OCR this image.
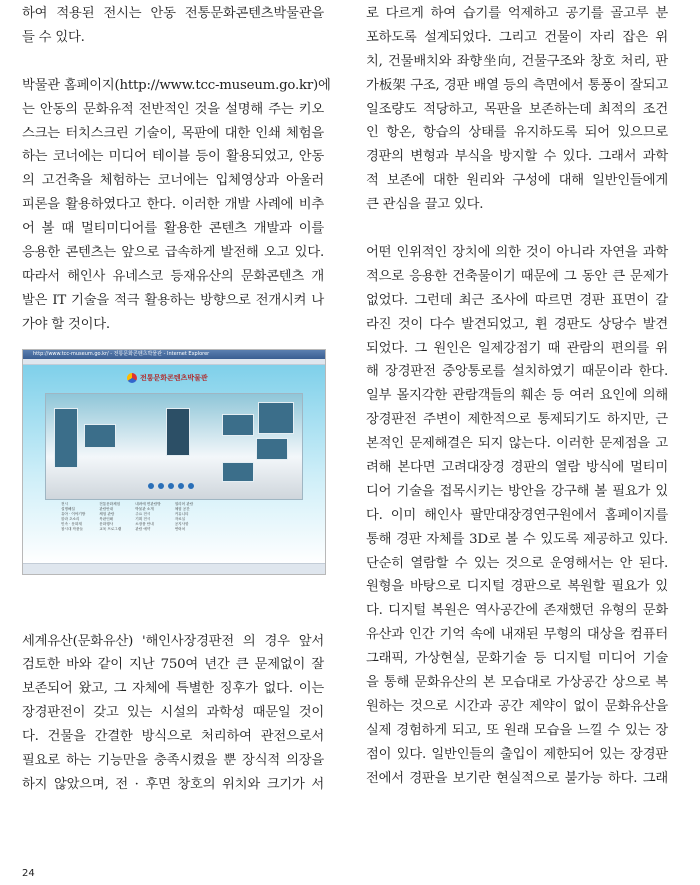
하여 적용된 전시는 안동 전통문화콘텐츠박물관을
들 수 있다.
박물관 홈페이지(http://www.tcc-museum.go.kr)에
는 안동의 문화유적 전반적인 것을 설명해 주는 키오
스크는 터치스크린 기술이, 목판에 대한 인쇄 체험을
하는 코너에는 미디어 테이블 등이 활용되었고, 안동
의 고건축을 체험하는 코너에는 입체영상과 아울러
피론을 활용하였다고 한다. 이러한 개발 사례에 비추
어 볼 때 멀티미디어를 활용한 콘텐츠 개발과 이를
응용한 콘텐츠는 앞으로 급속하게 발전해 오고 있다.
따라서 해인사 유네스코 등재유산의 문화콘텐츠 개
발은 IT 기술을 적극 활용하는 방향으로 전개시켜 나
가야 할 것이다.
http://www.tcc-museum.go.kr/ - 전통문화콘텐츠박물관 - Internet Explorer
전통문화콘텐츠박물관
전시
설명해설
유아 · 이야기방
블라 초소리
민속 · 문화재
참시대 작품들
전통문화체험
관람안내
체험 관람
목판인쇄
문화행사
교육 프로그램
내려에 면관람방
박물관 소개
주요 전시
기획 전시
소장품 안내
관람 예약
열리어 관람
체험 공간
커뮤니티
자료실
공지사항
연락처
세계유산(문화유산) '해인사장경판전 의 경우 앞서
검토한 바와 같이 지난 750여 년간 큰 문제없이 잘
보존되어 왔고, 그 자체에 특별한 징후가 없다. 이는
장경판전이 갖고 있는 시설의 과학성 때문일 것이
다. 건물을 간결한 방식으로 처리하여 관전으로서
필요로 하는 기능만을 충족시켰을 뿐 장식적 의장을
하지 않았으며, 전 · 후면 창호의 위치와 크기가 서
로 다르게 하여 습기를 억제하고 공기를 골고루 분
포하도록 설계되었다. 그리고 건물이 자리 잡은 위
치, 건물배치와 좌향坐向, 건물구조와 창호 처리, 판
가板架 구조, 경판 배열 등의 측면에서 통풍이 잘되고
일조량도 적당하고, 목판을 보존하는데 최적의 조건
인 항온, 항습의 상태를 유지하도록 되어 있으므로
경판의 변형과 부식을 방지할 수 있다. 그래서 과학
적 보존에 대한 원리와 구성에 대해 일반인들에게
큰 관심을 끌고 있다.
어떤 인위적인 장치에 의한 것이 아니라 자연을 과학
적으로 응용한 건축물이기 때문에 그 동안 큰 문제가
없었다. 그런데 최근 조사에 따르면 경판 표면이 갈
라진 것이 다수 발견되었고, 휜 경판도 상당수 발견
되었다. 그 원인은 일제강점기 때 관람의 편의를 위
해 장경판전 중앙통로를 설치하였기 때문이라 한다.
일부 몰지각한 관람객들의 훼손 등 여러 요인에 의해
장경판전 주변이 제한적으로 통제되기도 하지만, 근
본적인 문제해결은 되지 않는다. 이러한 문제점을 고
려해 본다면 고려대장경 경판의 열람 방식에 멀티미
디어 기술을 접목시키는 방안을 강구해 볼 필요가 있
다. 이미 해인사 팔만대장경연구원에서 홈페이지를
통해 경판 자체를 3D로 볼 수 있도록 제공하고 있다.
단순히 열람할 수 있는 것으로 운영해서는 안 된다.
원형을 바탕으로 디지털 경판으로 복원할 필요가 있
다. 디지털 복원은 역사공간에 존재했던 유형의 문화
유산과 인간 기억 속에 내재된 무형의 대상을 컴퓨터
그래픽, 가상현실, 문화기술 등 디지털 미디어 기술
을 통해 문화유산의 본 모습대로 가상공간 상으로 복
원하는 것으로 시간과 공간 제약이 없이 문화유산을
실제 경험하게 되고, 또 원래 모습을 느낄 수 있는 장
점이 있다. 일반인들의 출입이 제한되어 있는 장경판
전에서 경판을 보기란 현실적으로 불가능 하다. 그래
24
